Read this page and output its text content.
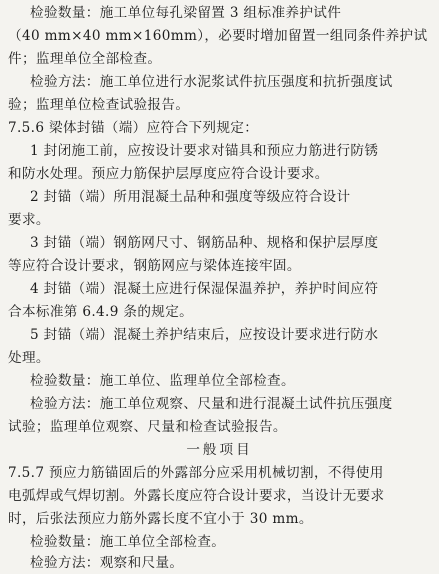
检验数量：施工单位每孔梁留置 3 组标准养护试件
（40 mm×40 mm×160mm），必要时增加留置一组同条件养护试
件；监理单位全部检查。
检验方法：施工单位进行水泥浆试件抗压强度和抗折强度试
验；监理单位检查试验报告。
7.5.6 梁体封锚（端）应符合下列规定：
1 封闭施工前，应按设计要求对锚具和预应力筋进行防锈
和防水处理。预应力筋保护层厚度应符合设计要求。
2 封锚（端）所用混凝土品种和强度等级应符合设计
要求。
3 封锚（端）钢筋网尺寸、钢筋品种、规格和保护层厚度
等应符合设计要求，钢筋网应与梁体连接牢固。
4 封锚（端）混凝土应进行保湿保温养护，养护时间应符
合本标准第 6.4.9 条的规定。
5 封锚（端）混凝土养护结束后，应按设计要求进行防水
处理。
检验数量：施工单位、监理单位全部检查。
检验方法：施工单位观察、尺量和进行混凝土试件抗压强度
试验；监理单位观察、尺量和检查试验报告。
一般项目
7.5.7 预应力筋锚固后的外露部分应采用机械切割，不得使用
电弧焊或气焊切割。外露长度应符合设计要求，当设计无要求
时，后张法预应力筋外露长度不宜小于 30 mm。
检验数量：施工单位全部检查。
检验方法：观察和尺量。
